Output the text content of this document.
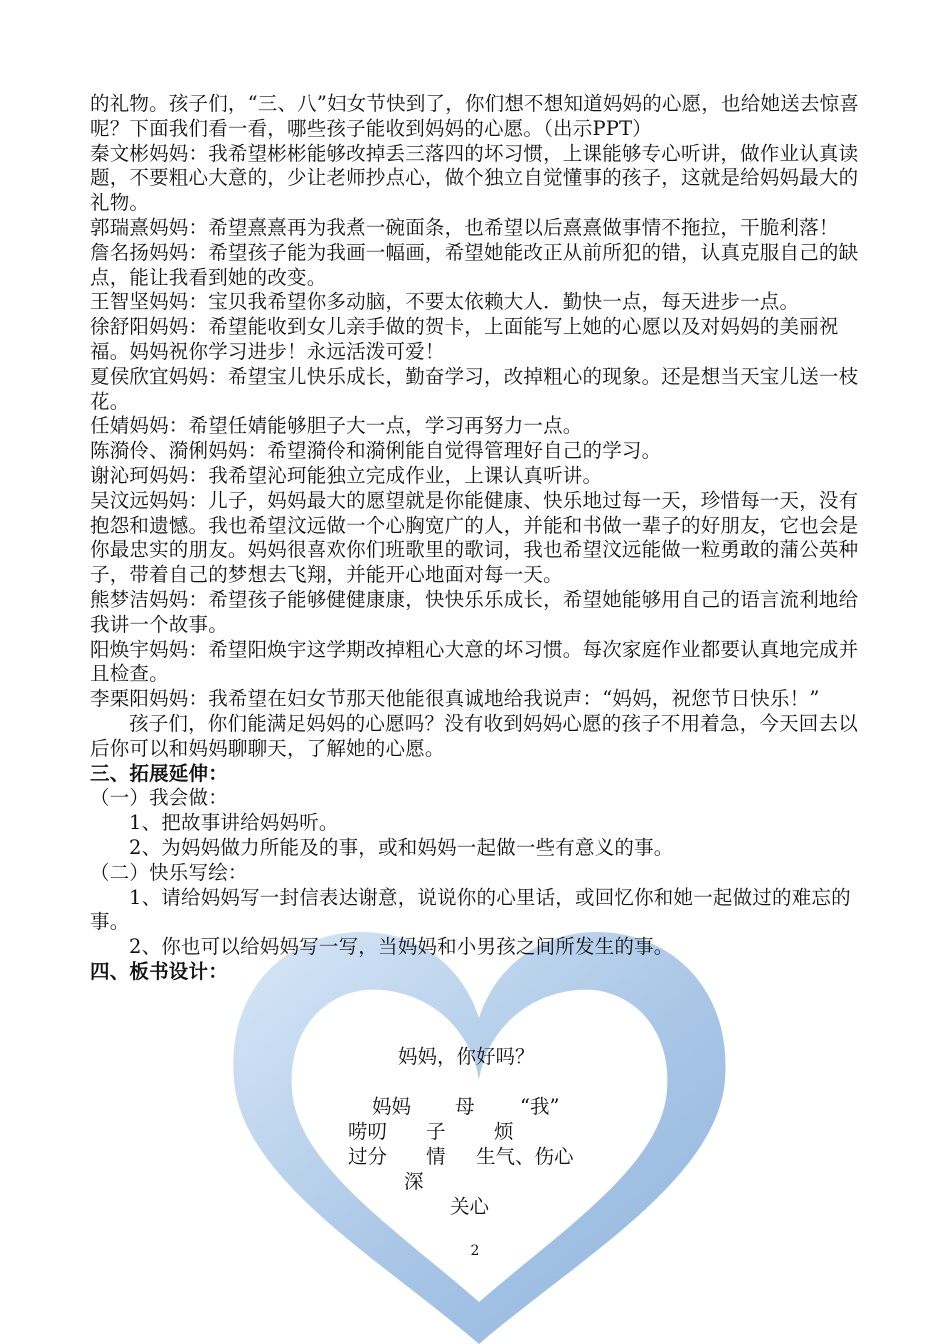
的礼物。孩子们，“三、八”妇女节快到了，你们想不想知道妈妈的心愿，也给她送去惊喜呢？下面我们看一看，哪些孩子能收到妈妈的心愿。（出示PPT）

秦文彬妈妈：我希望彬彬能够改掉丢三落四的坏习惯，上课能够专心听讲，做作业认真读题，不要粗心大意的，少让老师抄点心，做个独立自觉懂事的孩子，这就是给妈妈最大的礼物。

郭瑞熹妈妈：希望熹熹再为我煮一碗面条，也希望以后熹熹做事情不拖拉，干脆利落！

詹名扬妈妈：希望孩子能为我画一幅画，希望她能改正从前所犯的错，认真克服自己的缺点，能让我看到她的改变。

王智坚妈妈：宝贝我希望你多动脑，不要太依赖大人．勤快一点，每天进步一点。

徐舒阳妈妈：希望能收到女儿亲手做的贺卡，上面能写上她的心愿以及对妈妈的美丽祝福。妈妈祝你学习进步！永远活泼可爱！

夏侯欣宜妈妈：希望宝儿快乐成长，勤奋学习，改掉粗心的现象。还是想当天宝儿送一枝花。

任婧妈妈：希望任婧能够胆子大一点，学习再努力一点。

陈漪伶、漪俐妈妈：希望漪伶和漪俐能自觉得管理好自己的学习。

谢沁珂妈妈：我希望沁珂能独立完成作业，上课认真听讲。

吴汶远妈妈：儿子，妈妈最大的愿望就是你能健康、快乐地过每一天，珍惜每一天，没有抱怨和遗憾。我也希望汶远做一个心胸宽广的人，并能和书做一辈子的好朋友，它也会是你最忠实的朋友。妈妈很喜欢你们班歌里的歌词，我也希望汶远能做一粒勇敢的蒲公英种子，带着自己的梦想去飞翔，并能开心地面对每一天。

熊梦洁妈妈：希望孩子能够健健康康，快快乐乐成长，希望她能够用自己的语言流利地给我讲一个故事。

阳焕宇妈妈：希望阳焕宇这学期改掉粗心大意的坏习惯。每次家庭作业都要认真地完成并且检查。

李栗阳妈妈：我希望在妇女节那天他能很真诚地给我说声：“妈妈，祝您节日快乐！”

孩子们，你们能满足妈妈的心愿吗？没有收到妈妈心愿的孩子不用着急，今天回去以后你可以和妈妈聊聊天，了解她的心愿。

三、拓展延伸：

（一）我会做：

1、把故事讲给妈妈听。

2、为妈妈做力所能及的事，或和妈妈一起做一些有意义的事。

（二）快乐写绘：

1、请给妈妈写一封信表达谢意，说说你的心里话，或回忆你和她一起做过的难忘的事。

2、你也可以给妈妈写一写，当妈妈和小男孩之间所发生的事。

四、板书设计：

妈妈，你好吗？
妈妈 母 “我”
唠叨 子 烦
过分 情 生气、伤心
深
关心
2
